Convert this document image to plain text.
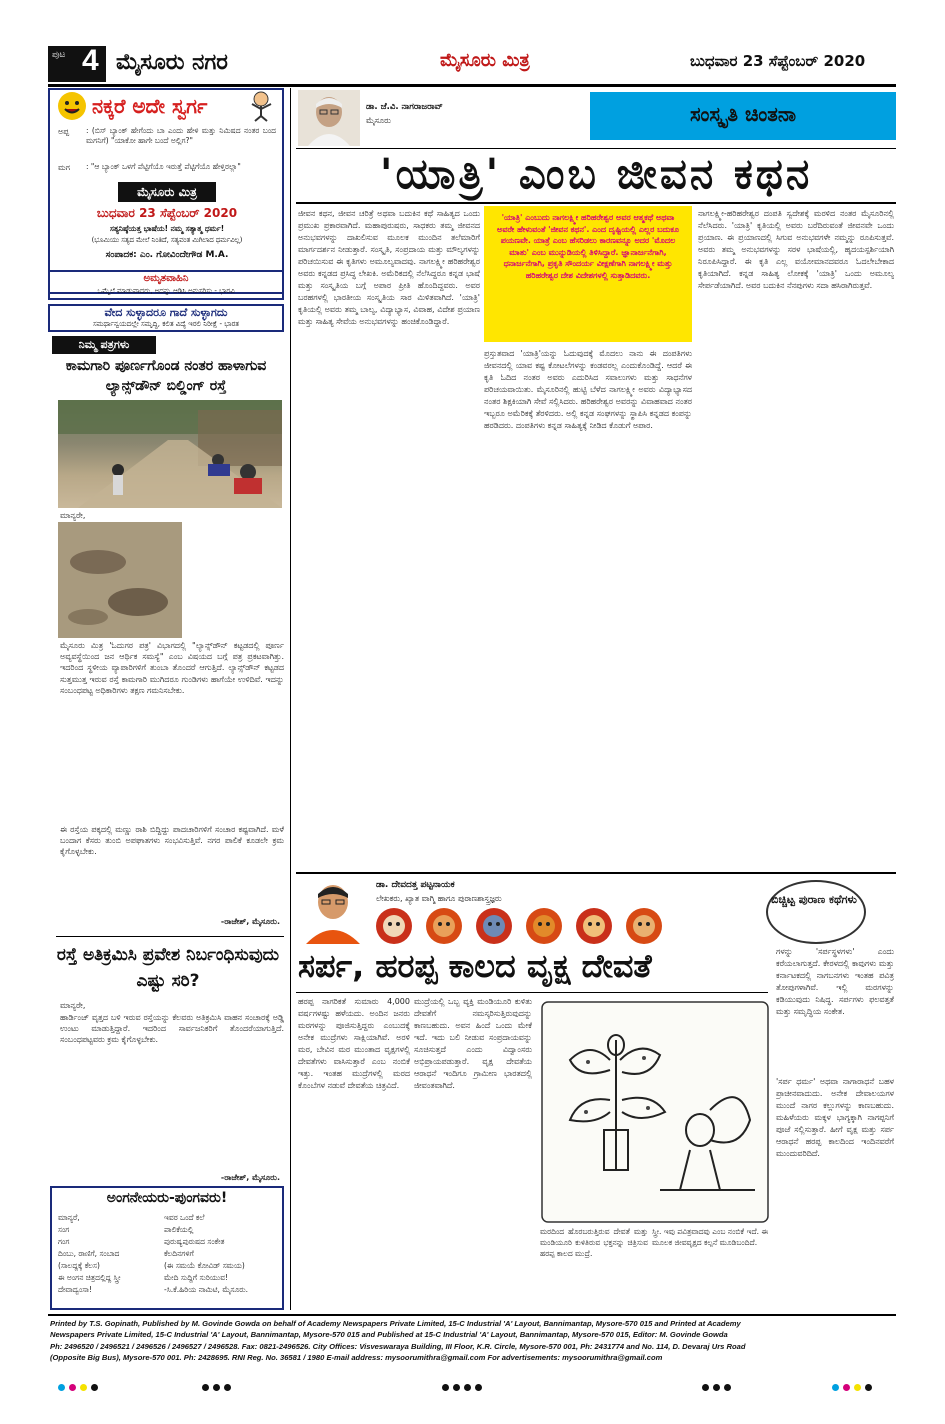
ಪುಟ 4 ಮೈಸೂರು ನಗರ	ಮೈಸೂರು ಮಿತ್ರ	ಬುಧವಾರ 23 ಸೆಪ್ಟೆಂಬರ್ 2020
ನಕ್ಕರೆ ಅದೇ ಸ್ವರ್ಗ
ಅಪ್ಪ	: (ಬಿಸ್‌ ಬ್ಯಾಂಕ್‌ ಹೇಗೆಂದು ಬಾ ಎಂದು ಹೇಳಿ ಮತ್ತು ನಿಮಿಷದ ನಂತರ ಬಂದ ಮಗನಿಗೆ) "ಯಾಕೋ ಹಾಗೇ ಬಂದೆ ಅಲ್ಲಿಗ?"
ಮಗ	: "ಆ ಬ್ಯಾಂಕ್‌ ಒಳಗೆ ಪೆಟ್ಟಿಗೆಯೊ ಇರುತ್ತೆ ಪೆಟ್ಟಿಗೆಯೊ ಹೇಳ್ತಿರಲ್ಲಾ"
ಮೈಸೂರು ಮಿತ್ರ
ಬುಧವಾರ 23 ಸೆಪ್ಟೆಂಬರ್ 2020
ಸತ್ಯನಿಷ್ಠೆಯತ್ತ ಭಾಷೆಯ! ನಮ್ಮ ಸತ್ಯಾತ್ಮ ಧರ್ಮ!
(ಭೂಮಿಯು ಸತ್ಯದ ಮೇಲೆ ನಿಂತಿದೆ, ಸತ್ಯವಂತ ಮಿಗಿಲಾದ ಧರ್ಮವಿಲ್ಲ)
ಸಂಪಾದಕ: ಎಂ. ಗೋವಿಂದೇಗೌಡ M.A.
ಅಮೃತವಾಹಿನಿ
ಒಮ್ಮೆಲೆ ಮಾಡುವಾದರು, ಅದನ್ನು ಆಡಿಸಿ ಅನುಸರಿಸು - ಭಾರವಿ
ವೇದ ಸುಳ್ಳಾದರೂ ಗಾದೆ ಸುಳ್ಳಾಗದು
ಸಮರ್ಥಾನ್ವಯದಲ್ಲೇ ಸಮೃದ್ಧಿ, ಕಲಿತ ವಿದ್ಯೆ ಇರಲಿ ನಿರೀಕ್ಷೆ - ಭಾರತ
ನಿಮ್ಮ ಪತ್ರಗಳು
ಕಾಮಗಾರಿ ಪೂರ್ಣಗೊಂಡ ನಂತರ ಹಾಳಾಗುವ ಲ್ಯಾನ್ಸ್‌ಡೌನ್ ಬಿಲ್ಡಿಂಗ್ ರಸ್ತೆ
ಮಾನ್ಯರೇ,
ಮೈಸೂರು ಮಿತ್ರ 'ಓದುಗರ ಪತ್ರ' ವಿಭಾಗದಲ್ಲಿ "ಲ್ಯಾನ್ಸ್‌ಡೌನ್‌ ಕಟ್ಟಡದಲ್ಲಿ ಪೂರ್ಣ ಅವ್ಯವಸ್ಥೆಯಿಂದ ಜನ ಆರ್ಥಿಕ ಸಮಸ್ಯೆ" ಎಂಬ ವಿಷಯದ ಬಗ್ಗೆ ಪತ್ರ ಪ್ರಕಟವಾಗಿತ್ತು. ಇದರಿಂದ ಸ್ಥಳೀಯ ವ್ಯಾಪಾರಿಗಳಿಗೆ ತುಂಬಾ ತೊಂದರೆ ಆಗುತ್ತಿದೆ. ಲ್ಯಾನ್ಸ್‌ಡೌನ್ ಕಟ್ಟಡದ ಸುತ್ತಮುತ್ತ ಇರುವ ರಸ್ತೆ ಕಾಮಗಾರಿ ಮುಗಿದರೂ ಗುಂಡಿಗಳು ಹಾಗೆಯೇ ಉಳಿದಿವೆ. ಇದನ್ನು ಸಂಬಂಧಪಟ್ಟ ಅಧಿಕಾರಿಗಳು ತಕ್ಷಣ ಗಮನಿಸಬೇಕು.
ಈ ರಸ್ತೆಯ ಪಕ್ಕದಲ್ಲಿ ಮಣ್ಣು ರಾಶಿ ಬಿದ್ದಿದ್ದು ಪಾದಚಾರಿಗಳಿಗೆ ಸಂಚಾರ ಕಷ್ಟವಾಗಿದೆ. ಮಳೆ ಬಂದಾಗ ಕೆಸರು ತುಂಬಿ ಅಪಘಾತಗಳು ಸಂಭವಿಸುತ್ತಿವೆ. ನಗರ ಪಾಲಿಕೆ ಕೂಡಲೇ ಕ್ರಮ ಕೈಗೊಳ್ಳಬೇಕು.
-ರಾಜೇಶ್, ಮೈಸೂರು.
ರಸ್ತೆ ಅತಿಕ್ರಮಿಸಿ ಪ್ರವೇಶ ನಿರ್ಬಂಧಿಸುವುದು ಎಷ್ಟು ಸರಿ?
ಮಾನ್ಯರೇ,
ಹಾರ್ಡಿಂಜ್ ವೃತ್ತದ ಬಳಿ ಇರುವ ರಸ್ತೆಯನ್ನು ಕೆಲವರು ಅತಿಕ್ರಮಿಸಿ ವಾಹನ ಸಂಚಾರಕ್ಕೆ ಅಡ್ಡಿ ಉಂಟು ಮಾಡುತ್ತಿದ್ದಾರೆ. ಇದರಿಂದ ಸಾರ್ವಜನಿಕರಿಗೆ ತೊಂದರೆಯಾಗುತ್ತಿದೆ. ಸಂಬಂಧಪಟ್ಟವರು ಕ್ರಮ ಕೈಗೊಳ್ಳಬೇಕು.
-ರಾಜೇಶ್, ಮೈಸೂರು.
ಅಂಗನೇಯರು-ಪುಂಗವರು!
ಮಾನ್ಯರೆ,
ಸಂಗ
ಗಂಗ
ದಿಂಬು, ರಾಣಿಗೆ, ಸಂಬಾದ
(ಸಾಲದ್ದಕ್ಕೆ ಕೆಲಸ)
ಈ ಅಂಗನ ಚಿತ್ರದಲ್ಲಿದ್ದ ಸ್ತ್ರೀ
ದೇವಾದ್ವಂಸಾ!
ಇವರ ಒಂದೆ ಕಲೆ
ಪಾಲಿಕೆಯಲ್ಲಿ
ಪುರುಷ್ಯಪುರುಷದ ಸಂಕೇತ
ಕೆಲದಿನಗಳಿಗೆ
(ಈ ಸಮಯೆ ಕೋವಿಡ್ ಸಮಯ)
ಮೇದಿ ಸುದ್ದಿಗೆ ಸುರಿಯುವ!
-ಸಿ.ಕೆ.ಹಿರಿಯ ನಾಮಿಟಿ, ಮೈಸೂರು.
ಡಾ. ಜೆ.ವಿ. ನಾಗರಾಜರಾವ್
ಮೈಸೂರು	ಸಂಸ್ಕೃತಿ ಚಿಂತನಾ
'ಯಾತ್ರಿ' ಎಂಬ ಜೀವನ ಕಥನ
ಜೀವನ ಕಥನ, ಜೀವನ ಚರಿತ್ರೆ ಅಥವಾ ಬದುಕಿನ ಕಥೆ ಸಾಹಿತ್ಯದ ಒಂದು ಪ್ರಮುಖ ಪ್ರಕಾರವಾಗಿದೆ. ಮಹಾಪುರುಷರು, ಸಾಧಕರು ತಮ್ಮ ಜೀವನದ ಅನುಭವಗಳನ್ನು ದಾಖಲಿಸುವ ಮೂಲಕ ಮುಂದಿನ ತಲೆಮಾರಿಗೆ ಮಾರ್ಗದರ್ಶನ ನೀಡುತ್ತಾರೆ. ಸಂಸ್ಕೃತಿ, ಸಂಪ್ರದಾಯ ಮತ್ತು ಮೌಲ್ಯಗಳನ್ನು ಪರಿಚಯಿಸುವ ಈ ಕೃತಿಗಳು ಅಮೂಲ್ಯವಾದವು. ನಾಗಲಕ್ಷ್ಮೀ ಹರಿಹರೇಶ್ವರ ಅವರು ಕನ್ನಡದ ಪ್ರಸಿದ್ಧ ಲೇಖಕಿ. ಅಮೆರಿಕದಲ್ಲಿ ನೆಲೆಸಿದ್ದರೂ ಕನ್ನಡ ಭಾಷೆ ಮತ್ತು ಸಂಸ್ಕೃತಿಯ ಬಗ್ಗೆ ಅಪಾರ ಪ್ರೀತಿ ಹೊಂದಿದ್ದವರು. ಅವರ ಬರಹಗಳಲ್ಲಿ ಭಾರತೀಯ ಸಂಸ್ಕೃತಿಯ ಸಾರ ಮಿಳಿತವಾಗಿದೆ. 'ಯಾತ್ರಿ' ಕೃತಿಯಲ್ಲಿ ಅವರು ತಮ್ಮ ಬಾಲ್ಯ, ವಿದ್ಯಾಭ್ಯಾಸ, ವಿವಾಹ, ವಿದೇಶ ಪ್ರಯಾಣ ಮತ್ತು ಸಾಹಿತ್ಯ ಸೇವೆಯ ಅನುಭವಗಳನ್ನು ಹಂಚಿಕೊಂಡಿದ್ದಾರೆ.
'ಯಾತ್ರಿ' ಎಂಬುದು ನಾಗಲಕ್ಷ್ಮೀ ಹರಿಹರೇಶ್ವರ ಅವರ ಆತ್ಮಕಥೆ ಅಥವಾ ಅವರೇ ಹೇಳುವಂತೆ 'ಜೀವನ ಕಥನ'. ಎಂದ ದೃಷ್ಟಿಯಲ್ಲಿ ಎಲ್ಲರ ಬದುಕೂ ಪಯಣವೇ. ಯಾತ್ರೆ ಎಂಬ ಹೆಸರಿಡಲು ಕಾರಣವನ್ನೂ ಅದರ 'ಮೊದಲ ಮಾತು' ಎಂಬ ಮುನ್ನುಡಿಯಲ್ಲಿ ತಿಳಿಸಿದ್ದಾರೆ. ಜ್ಞಾನಾರ್ಜನೆಗಾಗಿ, ಧನಾರ್ಜನೆಗಾಗಿ, ಪ್ರಕೃತಿ ಸೌಂದರ್ಯ ವೀಕ್ಷಣೆಗಾಗಿ ನಾಗಲಕ್ಷ್ಮೀ ಮತ್ತು ಹರಿಹರೇಶ್ವರ ದೇಶ ವಿದೇಶಗಳಲ್ಲಿ ಸುತ್ತಾಡಿದವರು.
ಪ್ರಸ್ತುತವಾದ 'ಯಾತ್ರಿ'ಯನ್ನು ಓದುವುದಕ್ಕೆ ಮೊದಲು ನಾನು ಈ ದಂಪತಿಗಳು ಜೀವನದಲ್ಲಿ ಯಾವ ಕಷ್ಟ ಕೋಟಲೆಗಳನ್ನು ಕಂಡವರಲ್ಲ ಎಂದುಕೊಂಡಿದ್ದೆ. ಆದರೆ ಈ ಕೃತಿ ಓದಿದ ನಂತರ ಅವರು ಎದುರಿಸಿದ ಸವಾಲುಗಳು ಮತ್ತು ಸಾಧನೆಗಳ ಪರಿಚಯವಾಯಿತು. ಮೈಸೂರಿನಲ್ಲಿ ಹುಟ್ಟಿ ಬೆಳೆದ ನಾಗಲಕ್ಷ್ಮೀ ಅವರು ವಿದ್ಯಾಭ್ಯಾಸದ ನಂತರ ಶಿಕ್ಷಕಿಯಾಗಿ ಸೇವೆ ಸಲ್ಲಿಸಿದರು. ಹರಿಹರೇಶ್ವರ ಅವರನ್ನು ವಿವಾಹವಾದ ನಂತರ ಇಬ್ಬರೂ ಅಮೆರಿಕಕ್ಕೆ ತೆರಳಿದರು. ಅಲ್ಲಿ ಕನ್ನಡ ಸಂಘಗಳನ್ನು ಸ್ಥಾಪಿಸಿ ಕನ್ನಡದ ಕಂಪನ್ನು ಹರಡಿದರು. ದಂಪತಿಗಳು ಕನ್ನಡ ಸಾಹಿತ್ಯಕ್ಕೆ ನೀಡಿದ ಕೊಡುಗೆ ಅಪಾರ.
ನಾಗಲಕ್ಷ್ಮೀ-ಹರಿಹರೇಶ್ವರ ದಂಪತಿ ಸ್ವದೇಶಕ್ಕೆ ಮರಳಿದ ನಂತರ ಮೈಸೂರಿನಲ್ಲಿ ನೆಲೆಸಿದರು. 'ಯಾತ್ರಿ' ಕೃತಿಯಲ್ಲಿ ಅವರು ಬರೆದಿರುವಂತೆ ಜೀವನವೇ ಒಂದು ಪ್ರಯಾಣ. ಈ ಪ್ರಯಾಣದಲ್ಲಿ ಸಿಗುವ ಅನುಭವಗಳೇ ನಮ್ಮನ್ನು ರೂಪಿಸುತ್ತವೆ. ಅವರು ತಮ್ಮ ಅನುಭವಗಳನ್ನು ಸರಳ ಭಾಷೆಯಲ್ಲಿ, ಹೃದಯಸ್ಪರ್ಶಿಯಾಗಿ ನಿರೂಪಿಸಿದ್ದಾರೆ. ಈ ಕೃತಿ ಎಲ್ಲ ವಯೋಮಾನದವರೂ ಓದಲೇಬೇಕಾದ ಕೃತಿಯಾಗಿದೆ. ಕನ್ನಡ ಸಾಹಿತ್ಯ ಲೋಕಕ್ಕೆ 'ಯಾತ್ರಿ' ಒಂದು ಅಮೂಲ್ಯ ಸೇರ್ಪಡೆಯಾಗಿದೆ. ಅವರ ಬದುಕಿನ ನೆನಪುಗಳು ಸದಾ ಹಸಿರಾಗಿರುತ್ತವೆ.
ಡಾ. ದೇವದತ್ತ ಪಟ್ಟನಾಯಕ
ಲೇಖಕರು, ಖ್ಯಾತ ವಾಗ್ಮಿ ಹಾಗೂ ಪುರಾಣಶಾಸ್ತ್ರಜ್ಞರು	ಬಿಚ್ಚಿಟ್ಟ ಪುರಾಣ ಕಥೆಗಳು
ಸರ್ಪ, ಹರಪ್ಪ ಕಾಲದ ವೃಕ್ಷ ದೇವತೆ
ಹರಪ್ಪ ನಾಗರಿಕತೆ ಸುಮಾರು 4,000 ವರ್ಷಗಳಷ್ಟು ಹಳೆಯದು. ಅಂದಿನ ಜನರು ಮರಗಳನ್ನು ಪೂಜಿಸುತ್ತಿದ್ದರು ಎಂಬುದಕ್ಕೆ ಅನೇಕ ಮುದ್ರೆಗಳು ಸಾಕ್ಷಿಯಾಗಿವೆ. ಅರಳಿ ಮರ, ಬೇವಿನ ಮರ ಮುಂತಾದ ವೃಕ್ಷಗಳಲ್ಲಿ ದೇವತೆಗಳು ವಾಸಿಸುತ್ತಾರೆ ಎಂಬ ನಂಬಿಕೆ ಇತ್ತು. ಇಂತಹ ಮುದ್ರೆಗಳಲ್ಲಿ ಮರದ ಕೊಂಬೆಗಳ ನಡುವೆ ದೇವತೆಯ ಚಿತ್ರವಿದೆ.
ಮುದ್ರೆಯಲ್ಲಿ ಒಬ್ಬ ವ್ಯಕ್ತಿ ಮಂಡಿಯೂರಿ ಕುಳಿತು ದೇವತೆಗೆ ನಮಸ್ಕರಿಸುತ್ತಿರುವುದನ್ನು ಕಾಣಬಹುದು. ಅವನ ಹಿಂದೆ ಒಂದು ಮೇಕೆ ಇದೆ. ಇದು ಬಲಿ ನೀಡುವ ಸಂಪ್ರದಾಯವನ್ನು ಸೂಚಿಸುತ್ತದೆ ಎಂದು ವಿದ್ವಾಂಸರು ಅಭಿಪ್ರಾಯಪಡುತ್ತಾರೆ. ವೃಕ್ಷ ದೇವತೆಯ ಆರಾಧನೆ ಇಂದಿಗೂ ಗ್ರಾಮೀಣ ಭಾರತದಲ್ಲಿ ಜೀವಂತವಾಗಿದೆ.
ಮರದಿಂದ ಹೊರಬರುತ್ತಿರುವ ದೇವತೆ ಮತ್ತು ಮಂಡಿಯೂರಿ ಕುಳಿತಿರುವ ಭಕ್ತನನ್ನು ಚಿತ್ರಿಸುವ ಹರಪ್ಪ ಕಾಲದ ಮುದ್ರೆ.
ಸ್ತ್ರೀ. ಇವು ಪವಿತ್ರವಾದವು ಎಂಬ ನಂಬಿಕೆ ಇದೆ. ಈ ಮೂಲಕ ಜೀವವೃಕ್ಷದ ಕಲ್ಪನೆ ಮೂಡಿಬಂದಿದೆ.
ಗಳನ್ನು 'ಸರ್ಪಸ್ಥಳಗಳು' ಎಂದು ಕರೆಯಲಾಗುತ್ತದೆ. ಕೇರಳದಲ್ಲಿ ಕಾವುಗಳು ಮತ್ತು ಕರ್ನಾಟಕದಲ್ಲಿ ನಾಗಬನಗಳು ಇಂತಹ ಪವಿತ್ರ ತೋಪುಗಳಾಗಿವೆ. ಇಲ್ಲಿ ಮರಗಳನ್ನು ಕಡಿಯುವುದು ನಿಷಿದ್ಧ. ಸರ್ಪಗಳು ಫಲವತ್ತತೆ ಮತ್ತು ಸಮೃದ್ಧಿಯ ಸಂಕೇತ.
'ಸರ್ಪ ಧರ್ಮ' ಅಥವಾ ನಾಗಾರಾಧನೆ ಬಹಳ ಪ್ರಾಚೀನವಾದುದು. ಅನೇಕ ದೇವಾಲಯಗಳ ಮುಂದೆ ನಾಗರ ಕಲ್ಲುಗಳನ್ನು ಕಾಣಬಹುದು. ಮಹಿಳೆಯರು ಮಕ್ಕಳ ಭಾಗ್ಯಕ್ಕಾಗಿ ನಾಗಪ್ಪನಿಗೆ ಪೂಜೆ ಸಲ್ಲಿಸುತ್ತಾರೆ. ಹೀಗೆ ವೃಕ್ಷ ಮತ್ತು ಸರ್ಪ ಆರಾಧನೆ ಹರಪ್ಪ ಕಾಲದಿಂದ ಇಂದಿನವರೆಗೆ ಮುಂದುವರಿದಿದೆ.
Printed by T.S. Gopinath, Published by M. Govinde Gowda on behalf of Academy Newspapers Private Limited, 15-C Industrial 'A' Layout, Bannimantap, Mysore-570 015 and Printed at Academy
Newspapers Private Limited, 15-C Industrial 'A' Layout, Bannimantap, Mysore-570 015 and Published at 15-C Industrial 'A' Layout, Bannimantap, Mysore-570 015, Editor: M. Govinde Gowda
Ph: 2496520 / 2496521 / 2496526 / 2496527 / 2496528. Fax: 0821-2496526. City Offices: Visveswaraya Building, III Floor, K.R. Circle, Mysore-570 001, Ph: 2431774 and No. 114, D. Devaraj Urs Road
(Opposite Big Bus), Mysore-570 001. Ph: 2428695. RNI Reg. No. 36581 / 1980 E-mail address: mysoorumithra@gmail.com For advertisements: mysoorumithra@gmail.com
